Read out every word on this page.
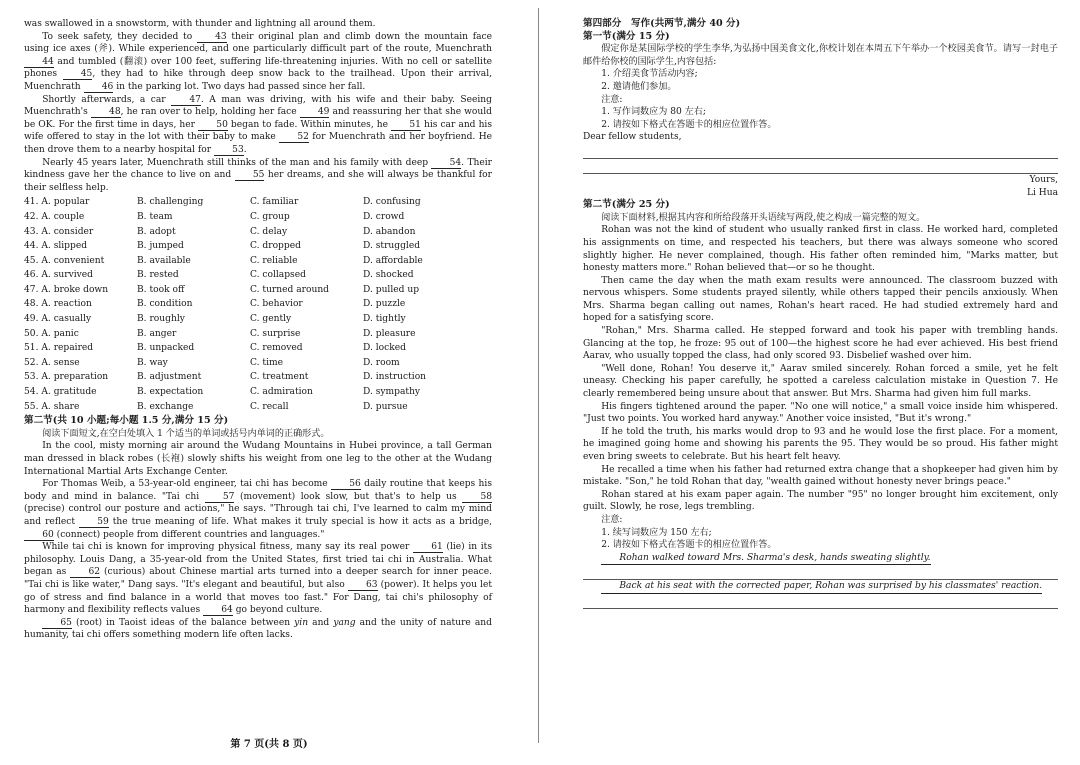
was swallowed in a snowstorm, with thunder and lightning all around them.

To seek safety, they decided to 43 their original plan and climb down the mountain face using ice axes (斧). While experienced, and one particularly difficult part of the route, Muenchrath 44 and tumbled (翻滚) over 100 feet, suffering life-threatening injuries. With no cell or satellite phones 45, they had to hike through deep snow back to the trailhead. Upon their arrival, Muenchrath 46 in the parking lot. Two days had passed since her fall.

Shortly afterwards, a car 47. A man was driving, with his wife and their baby. Seeing Muenchrath's 48, he ran over to help, holding her face 49 and reassuring her that she would be OK. For the first time in days, her 50 began to fade. Within minutes, he 51 his car and his wife offered to stay in the lot with their baby to make 52 for Muenchrath and her boyfriend. He then drove them to a nearby hospital for 53.

Nearly 45 years later, Muenchrath still thinks of the man and his family with deep 54. Their kindness gave her the chance to live on and 55 her dreams, and she will always be thankful for their selfless help.

41. A. popular	B. challenging	C. familiar	D. confusing
42. A. couple	B. team	C. group	D. crowd
43. A. consider	B. adopt	C. delay	D. abandon
44. A. slipped	B. jumped	C. dropped	D. struggled
45. A. convenient	B. available	C. reliable	D. affordable
46. A. survived	B. rested	C. collapsed	D. shocked
47. A. broke down	B. took off	C. turned around	D. pulled up
48. A. reaction	B. condition	C. behavior	D. puzzle
49. A. casually	B. roughly	C. gently	D. tightly
50. A. panic	B. anger	C. surprise	D. pleasure
51. A. repaired	B. unpacked	C. removed	D. locked
52. A. sense	B. way	C. time	D. room
53. A. preparation	B. adjustment	C. treatment	D. instruction
54. A. gratitude	B. expectation	C. admiration	D. sympathy
55. A. share	B. exchange	C. recall	D. pursue
第二节(共 10 小题;每小题 1.5 分,满分 15 分)

阅读下面短文,在空白处填入 1 个适当的单词或括号内单词的正确形式。

In the cool, misty morning air around the Wudang Mountains in Hubei province, a tall German man dressed in black robes (长袍) slowly shifts his weight from one leg to the other at the Wudang International Martial Arts Exchange Center.

For Thomas Weib, a 53-year-old engineer, tai chi has become 56 daily routine that keeps his body and mind in balance. "Tai chi 57 (movement) look slow, but that's to help us 58 (precise) control our posture and actions," he says. "Through tai chi, I've learned to calm my mind and reflect 59 the true meaning of life. What makes it truly special is how it acts as a bridge, 60 (connect) people from different countries and languages."

While tai chi is known for improving physical fitness, many say its real power 61 (lie) in its philosophy. Louis Dang, a 35-year-old from the United States, first tried tai chi in Australia. What began as 62 (curious) about Chinese martial arts turned into a deeper search for inner peace. "Tai chi is like water," Dang says. "It's elegant and beautiful, but also 63 (power). It helps you let go of stress and find balance in a world that moves too fast." For Dang, tai chi's philosophy of harmony and flexibility reflects values 64 go beyond culture.

65 (root) in Taoist ideas of the balance between yin and yang and the unity of nature and humanity, tai chi offers something modern life often lacks.

第 7 页(共 8 页)
第四部分　写作(共两节,满分 40 分)
第一节(满分 15 分)

假定你是某国际学校的学生李华,为弘扬中国美食文化,你校计划在本周五下午举办一个校园美食节。请写一封电子邮件给你校的国际学生,内容包括:

1. 介绍美食节活动内容;

2. 邀请他们参加。

注意:

1. 写作词数应为 80 左右;

2. 请按如下格式在答题卡的相应位置作答。

Dear fellow students,

Yours,

Li Hua

第二节(满分 25 分)

阅读下面材料,根据其内容和所给段落开头语续写两段,使之构成一篇完整的短文。

Rohan was not the kind of student who usually ranked first in class. He worked hard, completed his assignments on time, and respected his teachers, but there was always someone who scored slightly higher. He never complained, though. His father often reminded him, "Marks matter, but honesty matters more." Rohan believed that—or so he thought.

Then came the day when the math exam results were announced. The classroom buzzed with nervous whispers. Some students prayed silently, while others tapped their pencils anxiously. When Mrs. Sharma began calling out names, Rohan's heart raced. He had studied extremely hard and hoped for a satisfying score.

"Rohan," Mrs. Sharma called. He stepped forward and took his paper with trembling hands. Glancing at the top, he froze: 95 out of 100—the highest score he had ever achieved. His best friend Aarav, who usually topped the class, had only scored 93. Disbelief washed over him.

"Well done, Rohan! You deserve it," Aarav smiled sincerely. Rohan forced a smile, yet he felt uneasy. Checking his paper carefully, he spotted a careless calculation mistake in Question 7. He clearly remembered being unsure about that answer. But Mrs. Sharma had given him full marks.

His fingers tightened around the paper. "No one will notice," a small voice inside him whispered. "Just two points. You worked hard anyway." Another voice insisted, "But it's wrong."

If he told the truth, his marks would drop to 93 and he would lose the first place. For a moment, he imagined going home and showing his parents the 95. They would be so proud. His father might even bring sweets to celebrate. But his heart felt heavy.

He recalled a time when his father had returned extra change that a shopkeeper had given him by mistake. "Son," he told Rohan that day, "wealth gained without honesty never brings peace."

Rohan stared at his exam paper again. The number "95" no longer brought him excitement, only guilt. Slowly, he rose, legs trembling.

注意:

1. 续写词数应为 150 左右;

2. 请按如下格式在答题卡的相应位置作答。

Rohan walked toward Mrs. Sharma's desk, hands sweating slightly.

Back at his seat with the corrected paper, Rohan was surprised by his classmates' reaction.
